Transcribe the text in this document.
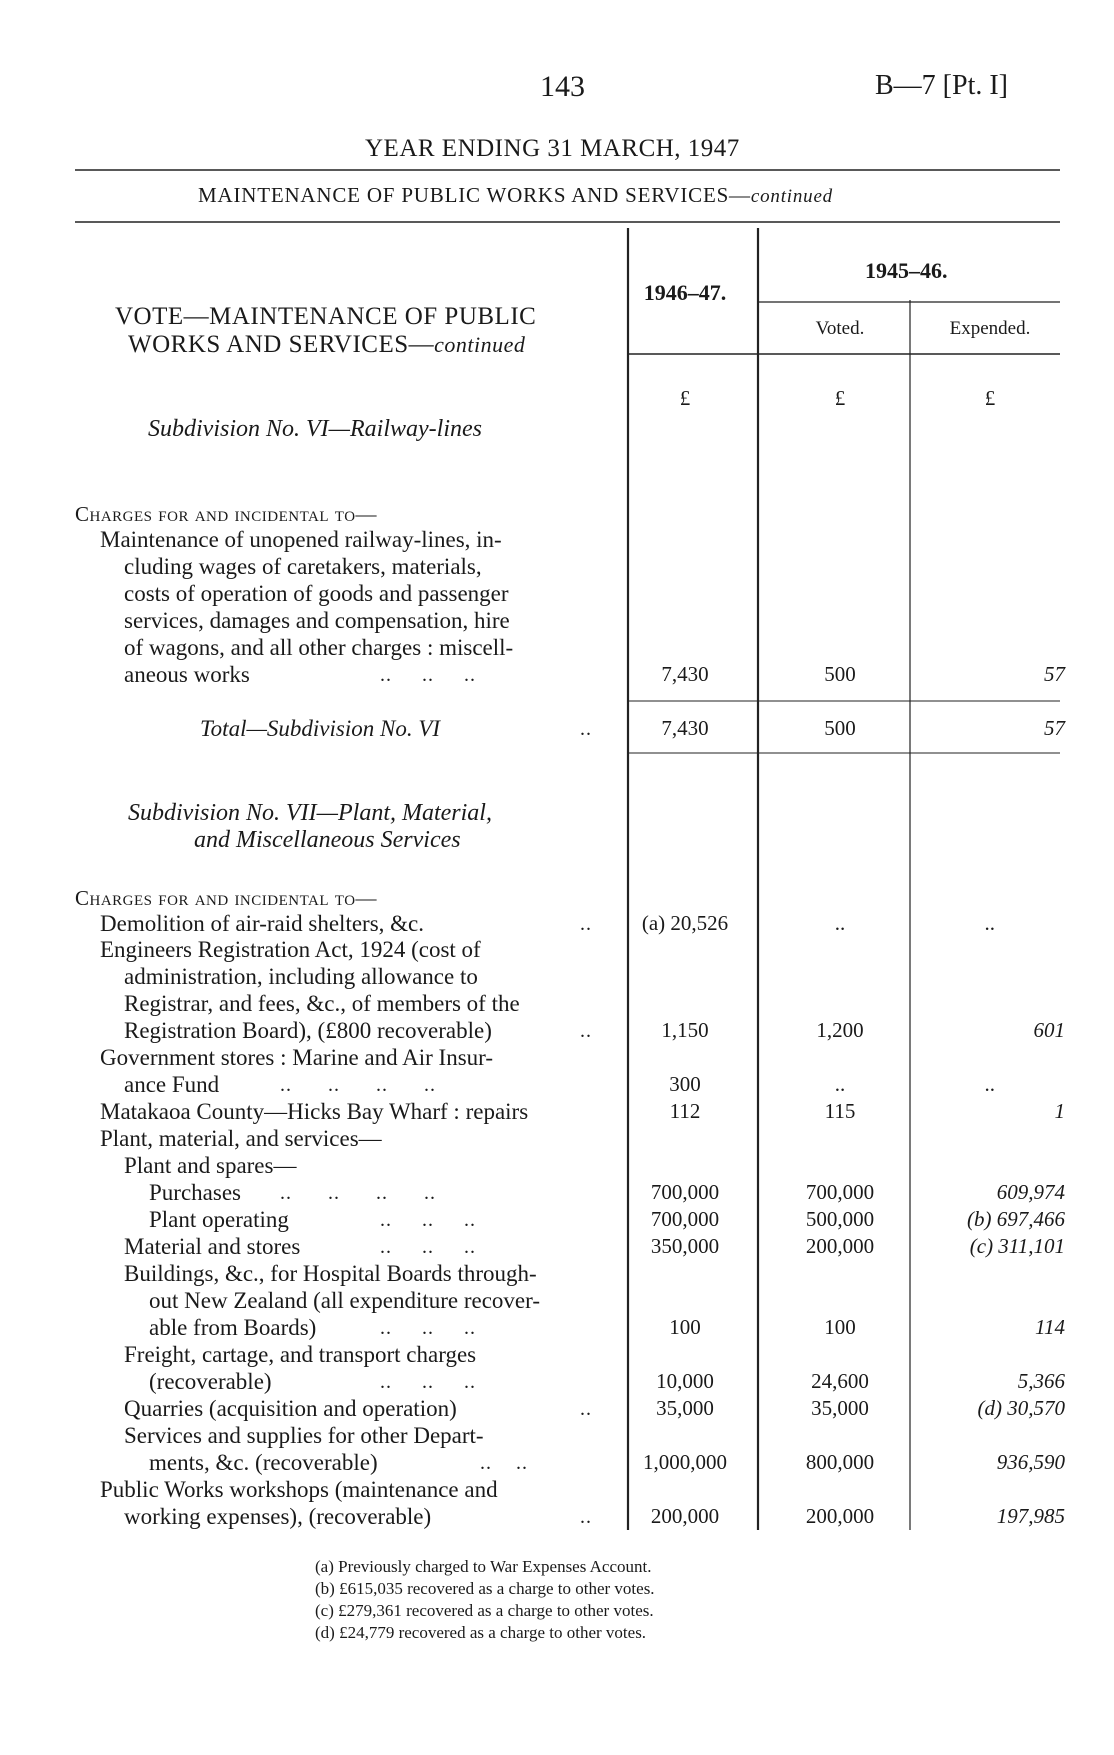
143	B—7 [Pt. I]
YEAR ENDING 31 MARCH, 1947
MAINTENANCE OF PUBLIC WORKS AND SERVICES—continued
VOTE—MAINTENANCE OF PUBLIC
WORKS AND SERVICES—continued
1946–47.
1945–46.
Voted.	Expended.
£	£	£
Subdivision No. VI—Railway-lines
Charges for and incidental to—
Maintenance of unopened railway-lines, in-
cluding wages of caretakers, materials,
costs of operation of goods and passenger
services, damages and compensation, hire
of wagons, and all other charges : miscell-
aneous works	..     ..     ..	7,430	500	57
Total—Subdivision No. VI	..	7,430	500	57
Subdivision No. VII—Plant, Material,
and Miscellaneous Services
Charges for and incidental to—
Demolition of air-raid shelters, &c.	..	(a) 20,526	..	..
Engineers Registration Act, 1924 (cost of
administration, including allowance to
Registrar, and fees, &c., of members of the
Registration Board), (£800 recoverable)	..	1,150	1,200	601
Government stores : Marine and Air Insur-
ance Fund	..      ..      ..      ..	300	..	..
Matakaoa County—Hicks Bay Wharf : repairs	112	115	1
Plant, material, and services—
Plant and spares—
Purchases ..      ..      ..      ..	700,000	700,000	609,974
Plant operating	..     ..     ..	700,000	500,000	(b) 697,466
Material and stores	..     ..     ..	350,000	200,000	(c) 311,101
Buildings, &c., for Hospital Boards through-
out New Zealand (all expenditure recover-
able from Boards)	..     ..     ..	100	100	114
Freight, cartage, and transport charges
(recoverable)	..     ..     ..	10,000	24,600	5,366
Quarries (acquisition and operation)	..	35,000	35,000	(d) 30,570
Services and supplies for other Depart-
ments, &c. (recoverable)	..    ..	1,000,000	800,000	936,590
Public Works workshops (maintenance and
working expenses), (recoverable)	..	200,000	200,000	197,985
(a) Previously charged to War Expenses Account.
(b) £615,035 recovered as a charge to other votes.
(c) £279,361 recovered as a charge to other votes.
(d) £24,779 recovered as a charge to other votes.
